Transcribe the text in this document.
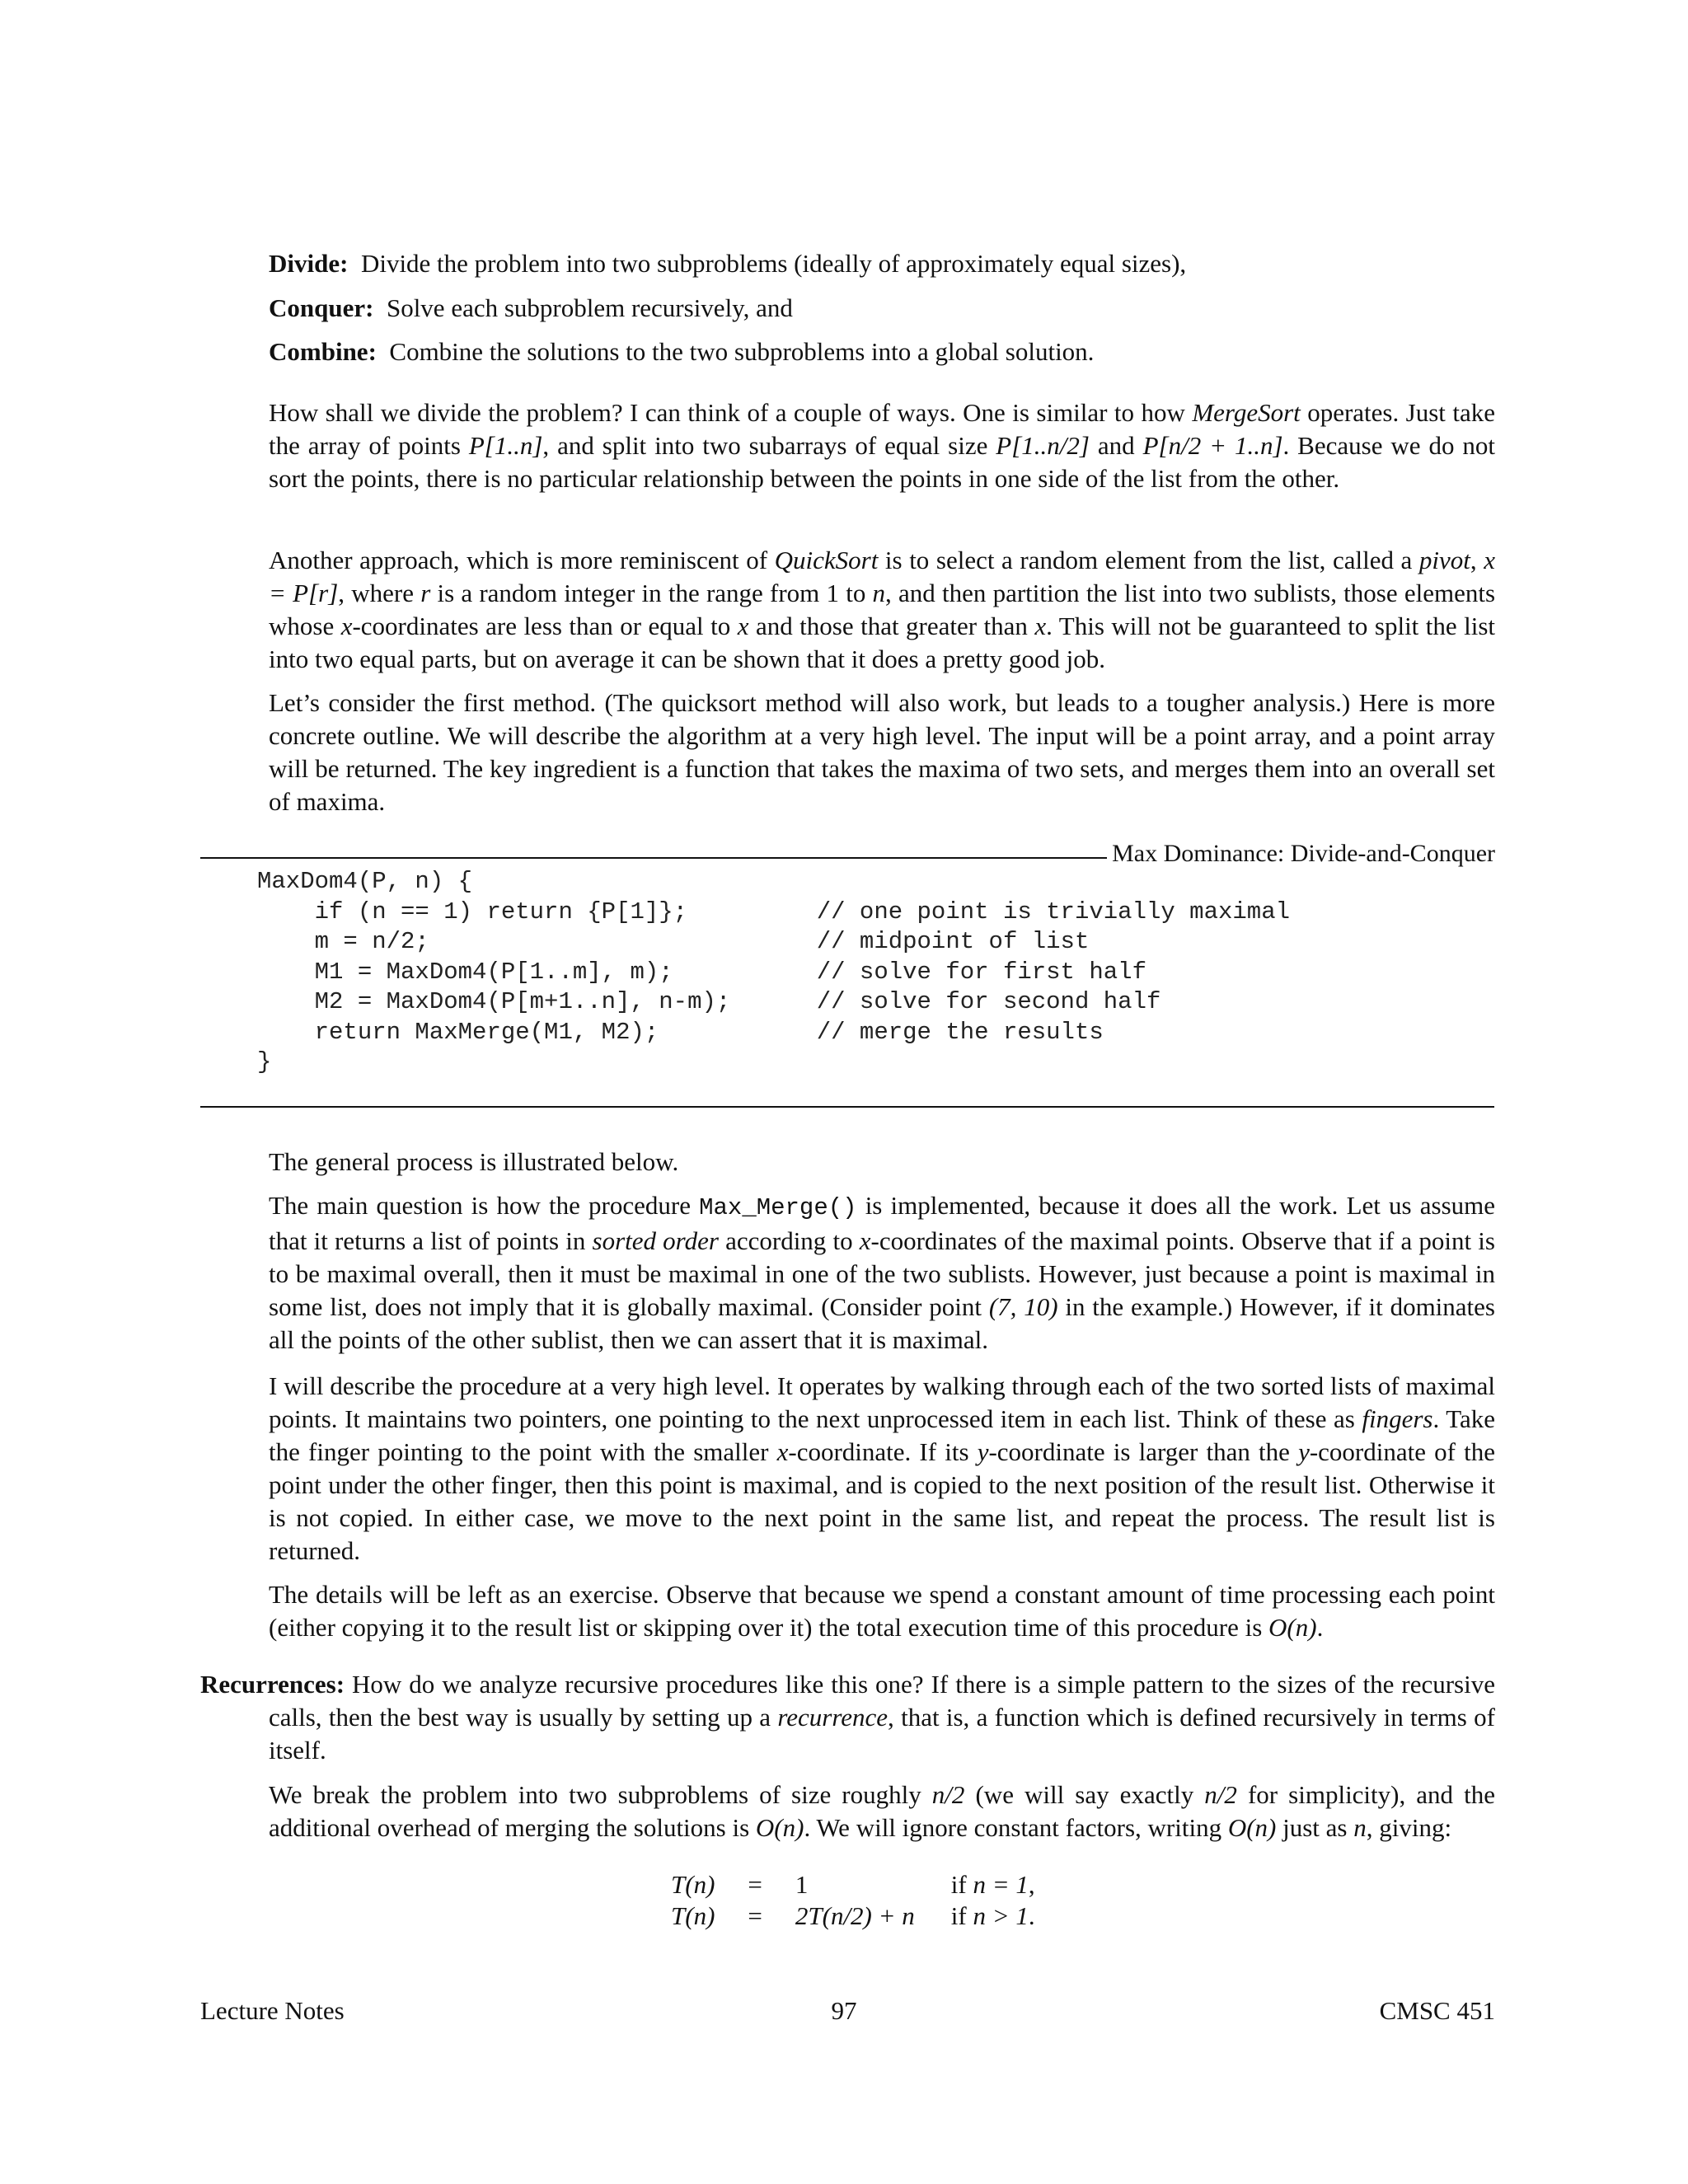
Divide: Divide the problem into two subproblems (ideally of approximately equal sizes),
Conquer: Solve each subproblem recursively, and
Combine: Combine the solutions to the two subproblems into a global solution.
How shall we divide the problem? I can think of a couple of ways. One is similar to how MergeSort operates. Just take the array of points P[1..n], and split into two subarrays of equal size P[1..n/2] and P[n/2 + 1..n]. Because we do not sort the points, there is no particular relationship between the points in one side of the list from the other.
Another approach, which is more reminiscent of QuickSort is to select a random element from the list, called a pivot, x = P[r], where r is a random integer in the range from 1 to n, and then partition the list into two sublists, those elements whose x-coordinates are less than or equal to x and those that greater than x. This will not be guaranteed to split the list into two equal parts, but on average it can be shown that it does a pretty good job.
Let’s consider the first method. (The quicksort method will also work, but leads to a tougher analysis.) Here is more concrete outline. We will describe the algorithm at a very high level. The input will be a point array, and a point array will be returned. The key ingredient is a function that takes the maxima of two sets, and merges them into an overall set of maxima.
Max Dominance: Divide-and-Conquer
MaxDom4(P, n) {
if (n == 1) return {P[1]};         // one point is trivially maximal
m = n/2;                           // midpoint of list
M1 = MaxDom4(P[1..m], m);          // solve for first half
M2 = MaxDom4(P[m+1..n], n-m);      // solve for second half
return MaxMerge(M1, M2);           // merge the results
}
The general process is illustrated below.
The main question is how the procedure Max_Merge() is implemented, because it does all the work. Let us assume that it returns a list of points in sorted order according to x-coordinates of the maximal points. Observe that if a point is to be maximal overall, then it must be maximal in one of the two sublists. However, just because a point is maximal in some list, does not imply that it is globally maximal. (Consider point (7, 10) in the example.) However, if it dominates all the points of the other sublist, then we can assert that it is maximal.
I will describe the procedure at a very high level. It operates by walking through each of the two sorted lists of maximal points. It maintains two pointers, one pointing to the next unprocessed item in each list. Think of these as fingers. Take the finger pointing to the point with the smaller x-coordinate. If its y-coordinate is larger than the y-coordinate of the point under the other finger, then this point is maximal, and is copied to the next position of the result list. Otherwise it is not copied. In either case, we move to the next point in the same list, and repeat the process. The result list is returned.
The details will be left as an exercise. Observe that because we spend a constant amount of time processing each point (either copying it to the result list or skipping over it) the total execution time of this procedure is O(n).
Recurrences: How do we analyze recursive procedures like this one? If there is a simple pattern to the sizes of the recursive calls, then the best way is usually by setting up a recurrence, that is, a function which is defined recursively in terms of itself.
We break the problem into two subproblems of size roughly n/2 (we will say exactly n/2 for simplicity), and the additional overhead of merging the solutions is O(n). We will ignore constant factors, writing O(n) just as n, giving:
T(n)	=	1	if n = 1,
T(n)	=	2T(n/2) + n	if n > 1.
Lecture Notes	97	CMSC 451
